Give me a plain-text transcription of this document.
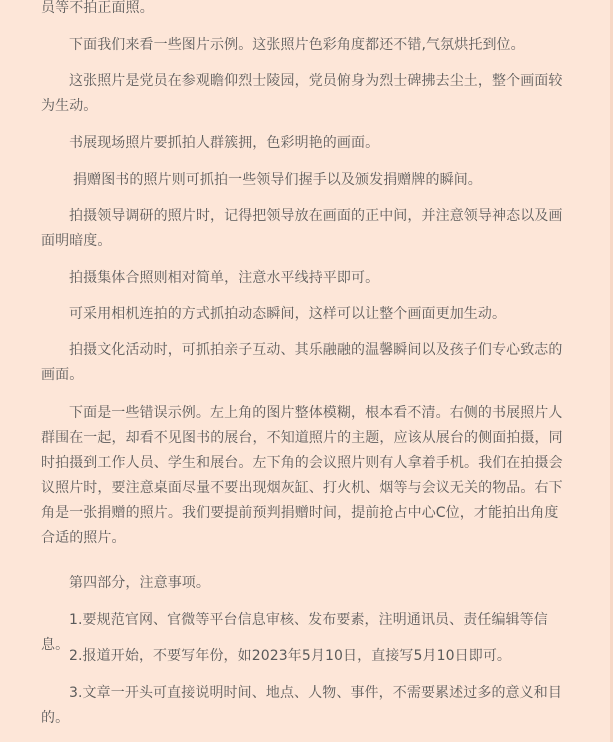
员等不拍正面照。

下面我们来看一些图片示例。这张照片色彩角度都还不错,气氛烘托到位。

这张照片是党员在参观瞻仰烈士陵园，党员俯身为烈士碑拂去尘土，整个画面较为生动。

书展现场照片要抓拍人群簇拥，色彩明艳的画面。

捐赠图书的照片则可抓拍一些领导们握手以及颁发捐赠牌的瞬间。

拍摄领导调研的照片时，记得把领导放在画面的正中间，并注意领导神态以及画面明暗度。

拍摄集体合照则相对简单，注意水平线持平即可。

可采用相机连拍的方式抓拍动态瞬间，这样可以让整个画面更加生动。

拍摄文化活动时，可抓拍亲子互动、其乐融融的温馨瞬间以及孩子们专心致志的画面。

下面是一些错误示例。左上角的图片整体模糊，根本看不清。右侧的书展照片人群围在一起，却看不见图书的展台，不知道照片的主题，应该从展台的侧面拍摄，同时拍摄到工作人员、学生和展台。左下角的会议照片则有人拿着手机。我们在拍摄会议照片时，要注意桌面尽量不要出现烟灰缸、打火机、烟等与会议无关的物品。右下角是一张捐赠的照片。我们要提前预判捐赠时间，提前抢占中心C位，才能拍出角度合适的照片。

第四部分，注意事项。

1.要规范官网、官微等平台信息审核、发布要素，注明通讯员、责任编辑等信息。

2.报道开始，不要写年份，如2023年5月10日，直接写5月10日即可。

3.文章一开头可直接说明时间、地点、人物、事件，不需要累述过多的意义和目的。
